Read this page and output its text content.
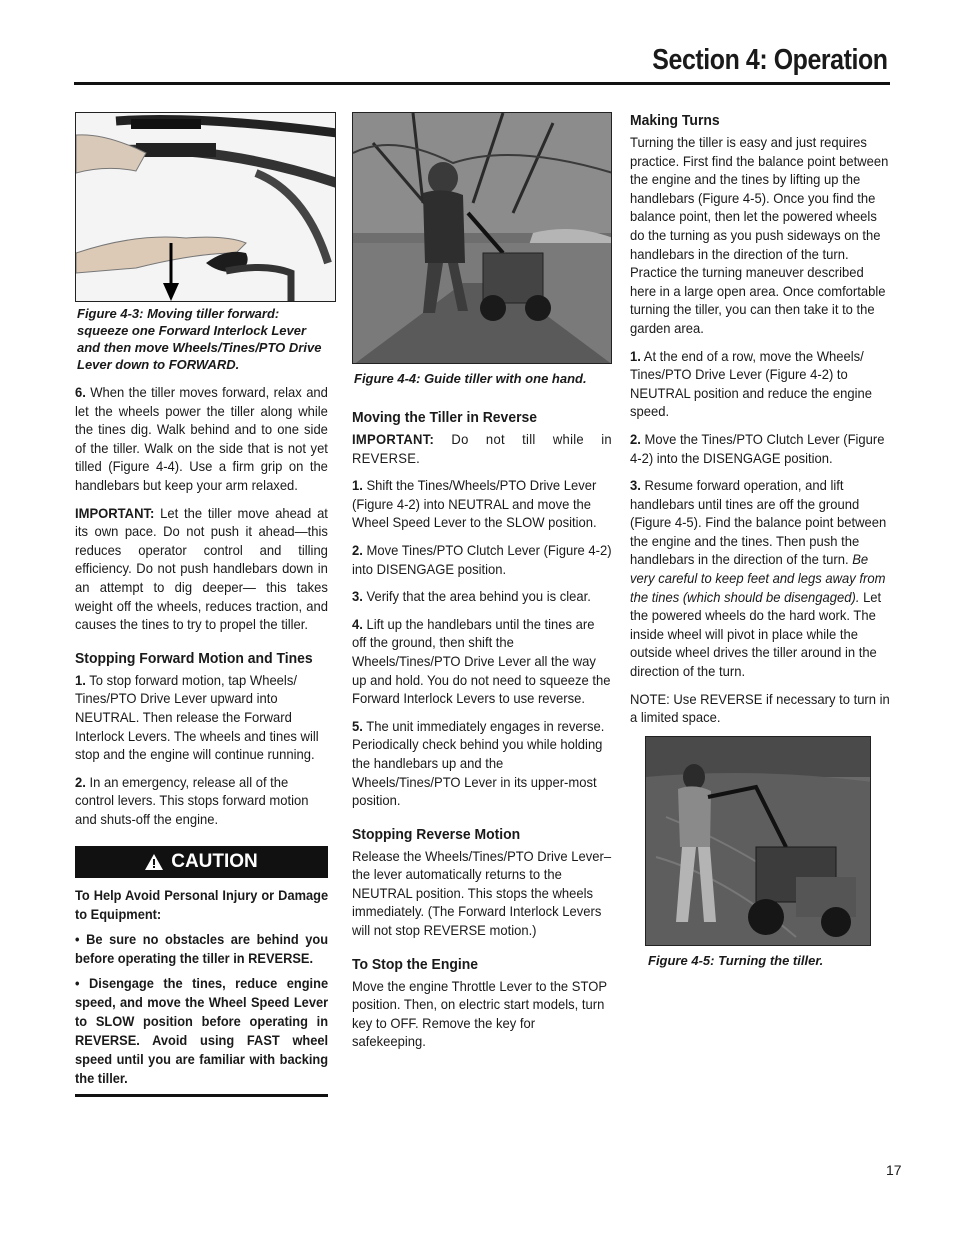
Section 4: Operation
Figure 4-3: Moving tiller forward: squeeze one Forward Interlock Lever and then move Wheels/Tines/PTO Drive Lever down to FORWARD.

6. When the tiller moves forward, relax and let the wheels power the tiller along while the tines dig. Walk behind and to one side of the tiller. Walk on the side that is not yet tilled (Figure 4-4). Use a firm grip on the handlebars but keep your arm relaxed.

IMPORTANT: Let the tiller move ahead at its own pace. Do not push it ahead—this reduces operator control and tilling efficiency. Do not push handlebars down in an attempt to dig deeper— this takes weight off the wheels, reduces traction, and causes the tines to try to propel the tiller.

Stopping Forward Motion and Tines

1. To stop forward motion, tap Wheels/ Tines/PTO Drive Lever upward into NEUTRAL. Then release the Forward Interlock Levers. The wheels and tines will stop and the engine will continue running.

2. In an emergency, release all of the control levers. This stops forward motion and shuts-off the engine.

CAUTION

To Help Avoid Personal Injury or Damage to Equipment:

• Be sure no obstacles are behind you before operating the tiller in REVERSE.

• Disengage the tines, reduce engine speed, and move the Wheel Speed Lever to SLOW position before operating in REVERSE. Avoid using FAST wheel speed until you are familiar with backing the tiller.

Figure 4-4: Guide tiller with one hand.
Moving the Tiller in Reverse

IMPORTANT: Do not till while in REVERSE.

1. Shift the Tines/Wheels/PTO Drive Lever (Figure 4-2) into NEUTRAL and move the Wheel Speed Lever to the SLOW position.

2. Move Tines/PTO Clutch Lever (Figure 4-2) into DISENGAGE position.

3. Verify that the area behind you is clear.

4. Lift up the handlebars until the tines are off the ground, then shift the Wheels/Tines/PTO Drive Lever all the way up and hold. You do not need to squeeze the Forward Interlock Levers to use reverse.

5. The unit immediately engages in reverse. Periodically check behind you while holding the handlebars up and the Wheels/Tines/PTO Lever in its upper-most position.

Stopping Reverse Motion

Release the Wheels/Tines/PTO Drive Lever– the lever automatically returns to the NEUTRAL position. This stops the wheels immediately. (The Forward Interlock Levers will not stop REVERSE motion.)

To Stop the Engine

Move the engine Throttle Lever to the STOP position. Then, on electric start models, turn key to OFF. Remove the key for safekeeping.

Making Turns

Turning the tiller is easy and just requires practice. First find the balance point between the engine and the tines by lifting up the handlebars (Figure 4-5). Once you find the balance point, then let the powered wheels do the turning as you push sideways on the handlebars in the direction of the turn. Practice the turning maneuver described here in a large open area. Once comfortable turning the tiller, you can then take it to the garden area.

1. At the end of a row, move the Wheels/ Tines/PTO Drive Lever (Figure 4-2) to NEUTRAL position and reduce the engine speed.

2. Move the Tines/PTO Clutch Lever (Figure 4-2) into the DISENGAGE position.

3. Resume forward operation, and lift handlebars until tines are off the ground (Figure 4-5). Find the balance point between the engine and the tines. Then push the handlebars in the direction of the turn. Be very careful to keep feet and legs away from the tines (which should be disengaged). Let the powered wheels do the hard work. The inside wheel will pivot in place while the outside wheel drives the tiller around in the direction of the turn.

NOTE: Use REVERSE if necessary to turn in a limited space.

Figure 4-5: Turning the tiller.
17
